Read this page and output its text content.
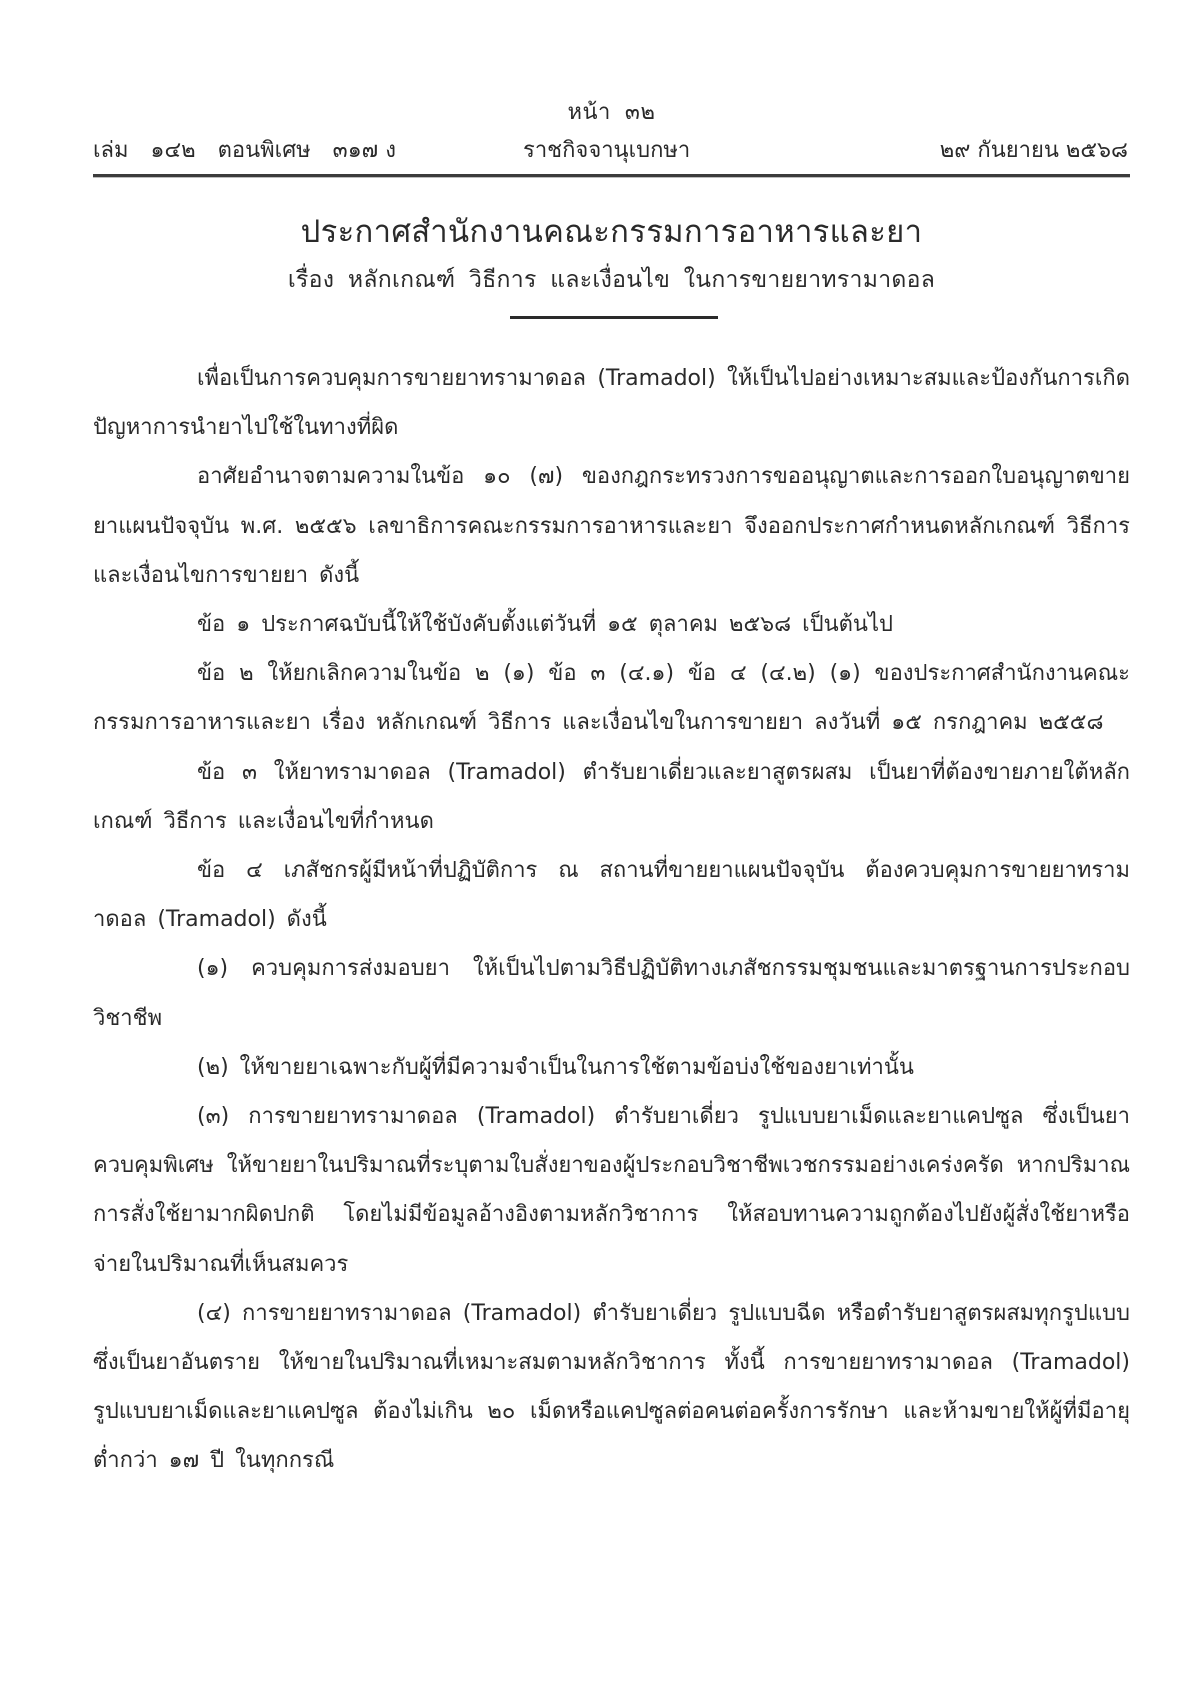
หน้า ๓๒
เล่ม ๑๔๒ ตอนพิเศษ ๓๑๗ ง	ราชกิจจานุเบกษา	๒๙ กันยายน ๒๕๖๘
ประกาศสำนักงานคณะกรรมการอาหารและยา
เรื่อง หลักเกณฑ์ วิธีการ และเงื่อนไข ในการขายยาทรามาดอล

เพื่อเป็นการควบคุมการขายยาทรามาดอล (Tramadol) ให้เป็นไปอย่างเหมาะสมและป้องกันการเกิดปัญหาการนำยาไปใช้ในทางที่ผิด

อาศัยอำนาจตามความในข้อ ๑๐ (๗) ของกฎกระทรวงการขออนุญาตและการออกใบอนุญาตขายยาแผนปัจจุบัน พ.ศ. ๒๕๕๖ เลขาธิการคณะกรรมการอาหารและยา จึงออกประกาศกำหนดหลักเกณฑ์ วิธีการ และเงื่อนไขการขายยา ดังนี้

ข้อ ๑ ประกาศฉบับนี้ให้ใช้บังคับตั้งแต่วันที่ ๑๕ ตุลาคม ๒๕๖๘ เป็นต้นไป

ข้อ ๒ ให้ยกเลิกความในข้อ ๒ (๑) ข้อ ๓ (๔.๑) ข้อ ๔ (๔.๒) (๑) ของประกาศสำนักงานคณะกรรมการอาหารและยา เรื่อง หลักเกณฑ์ วิธีการ และเงื่อนไขในการขายยา ลงวันที่ ๑๕ กรกฎาคม ๒๕๕๘

ข้อ ๓ ให้ยาทรามาดอล (Tramadol) ตำรับยาเดี่ยวและยาสูตรผสม เป็นยาที่ต้องขายภายใต้หลักเกณฑ์ วิธีการ และเงื่อนไขที่กำหนด

ข้อ ๔ เภสัชกรผู้มีหน้าที่ปฏิบัติการ ณ สถานที่ขายยาแผนปัจจุบัน ต้องควบคุมการขายยาทรามาดอล (Tramadol) ดังนี้

(๑) ควบคุมการส่งมอบยา ให้เป็นไปตามวิธีปฏิบัติทางเภสัชกรรมชุมชนและมาตรฐานการประกอบวิชาชีพ

(๒) ให้ขายยาเฉพาะกับผู้ที่มีความจำเป็นในการใช้ตามข้อบ่งใช้ของยาเท่านั้น

(๓) การขายยาทรามาดอล (Tramadol) ตำรับยาเดี่ยว รูปแบบยาเม็ดและยาแคปซูล ซึ่งเป็นยาควบคุมพิเศษ ให้ขายยาในปริมาณที่ระบุตามใบสั่งยาของผู้ประกอบวิชาชีพเวชกรรมอย่างเคร่งครัด หากปริมาณการสั่งใช้ยามากผิดปกติ โดยไม่มีข้อมูลอ้างอิงตามหลักวิชาการ ให้สอบทานความถูกต้องไปยังผู้สั่งใช้ยาหรือจ่ายในปริมาณที่เห็นสมควร

(๔) การขายยาทรามาดอล (Tramadol) ตำรับยาเดี่ยว รูปแบบฉีด หรือตำรับยาสูตรผสมทุกรูปแบบ ซึ่งเป็นยาอันตราย ให้ขายในปริมาณที่เหมาะสมตามหลักวิชาการ ทั้งนี้ การขายยาทรามาดอล (Tramadol) รูปแบบยาเม็ดและยาแคปซูล ต้องไม่เกิน ๒๐ เม็ดหรือแคปซูลต่อคนต่อครั้งการรักษา และห้ามขายให้ผู้ที่มีอายุต่ำกว่า ๑๗ ปี ในทุกกรณี
